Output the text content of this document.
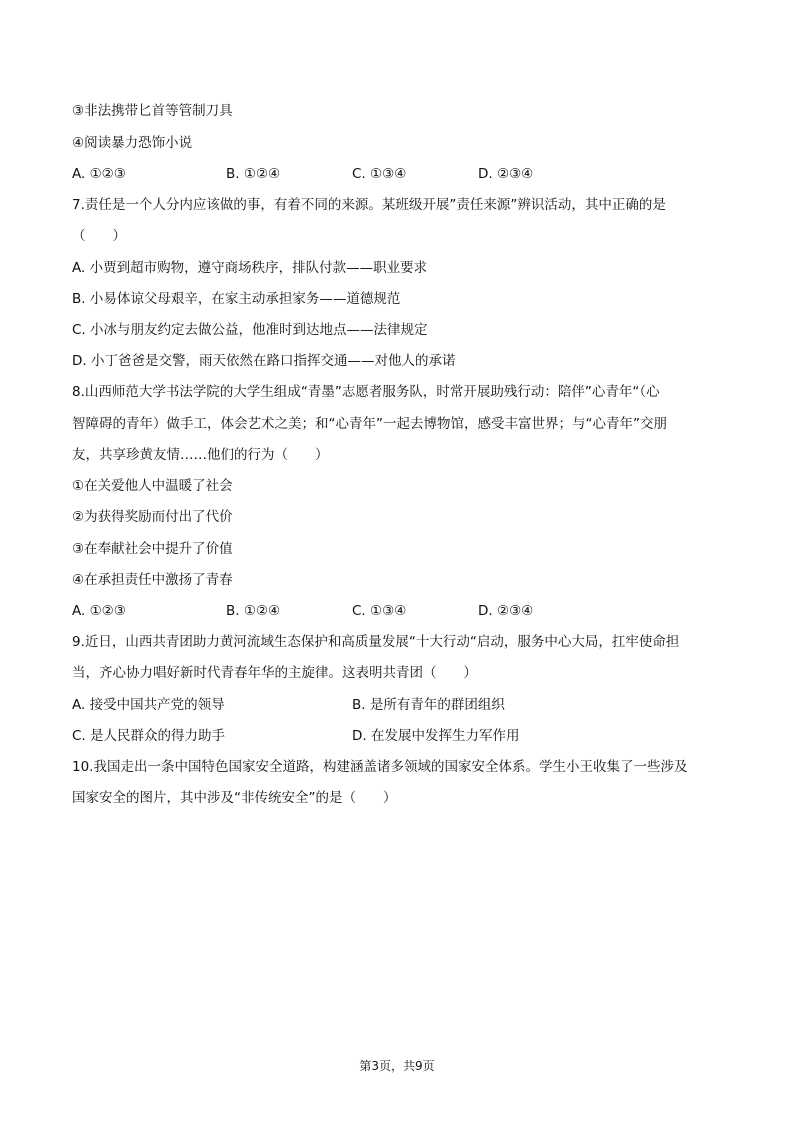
③非法携带匕首等管制刀具
④阅读暴力恐饰小说
A. ①②③	B. ①②④	C. ①③④	D. ②③④
7.责任是一个人分内应该做的事，有着不同的来源。某班级开展”责任来源”辨识活动，其中正确的是
（　　）
A. 小贾到超市购物，遵守商场秩序，排队付款——职业要求
B. 小易体谅父母艰辛，在家主动承担家务——道德规范
C. 小冰与朋友约定去做公益，他准时到达地点——法律规定
D. 小丁爸爸是交警，雨天依然在路口指挥交通——对他人的承诺
8.山西师范大学书法学院的大学生组成“青墨”志愿者服务队，时常开展助残行动：陪伴”心青年“（心
智障碍的青年）做手工，体会艺术之美；和“心青年”一起去博物馆，感受丰富世界；与“心青年”交朋
友，共享珍黄友情……他们的行为（　　）
①在关爱他人中温暖了社会
②为获得奖励而付出了代价
③在奉献社会中提升了价值
④在承担责任中激扬了青春
A. ①②③	B. ①②④	C. ①③④	D. ②③④
9.近日，山西共青团助力黄河流域生态保护和高质量发展“十大行动“启动，服务中心大局，扛牢使命担
当，齐心协力唱好新时代青春年华的主旋律。这表明共青团（　　）
A. 接受中国共产党的领导	B. 是所有青年的群团组织
C. 是人民群众的得力助手	D. 在发展中发挥生力军作用
10.我国走出一条中国特色国家安全道路，构建涵盖诸多领域的国家安全体系。学生小王收集了一些涉及
国家安全的图片，其中涉及“非传统安全”的是（　　）
第3页，共9页
